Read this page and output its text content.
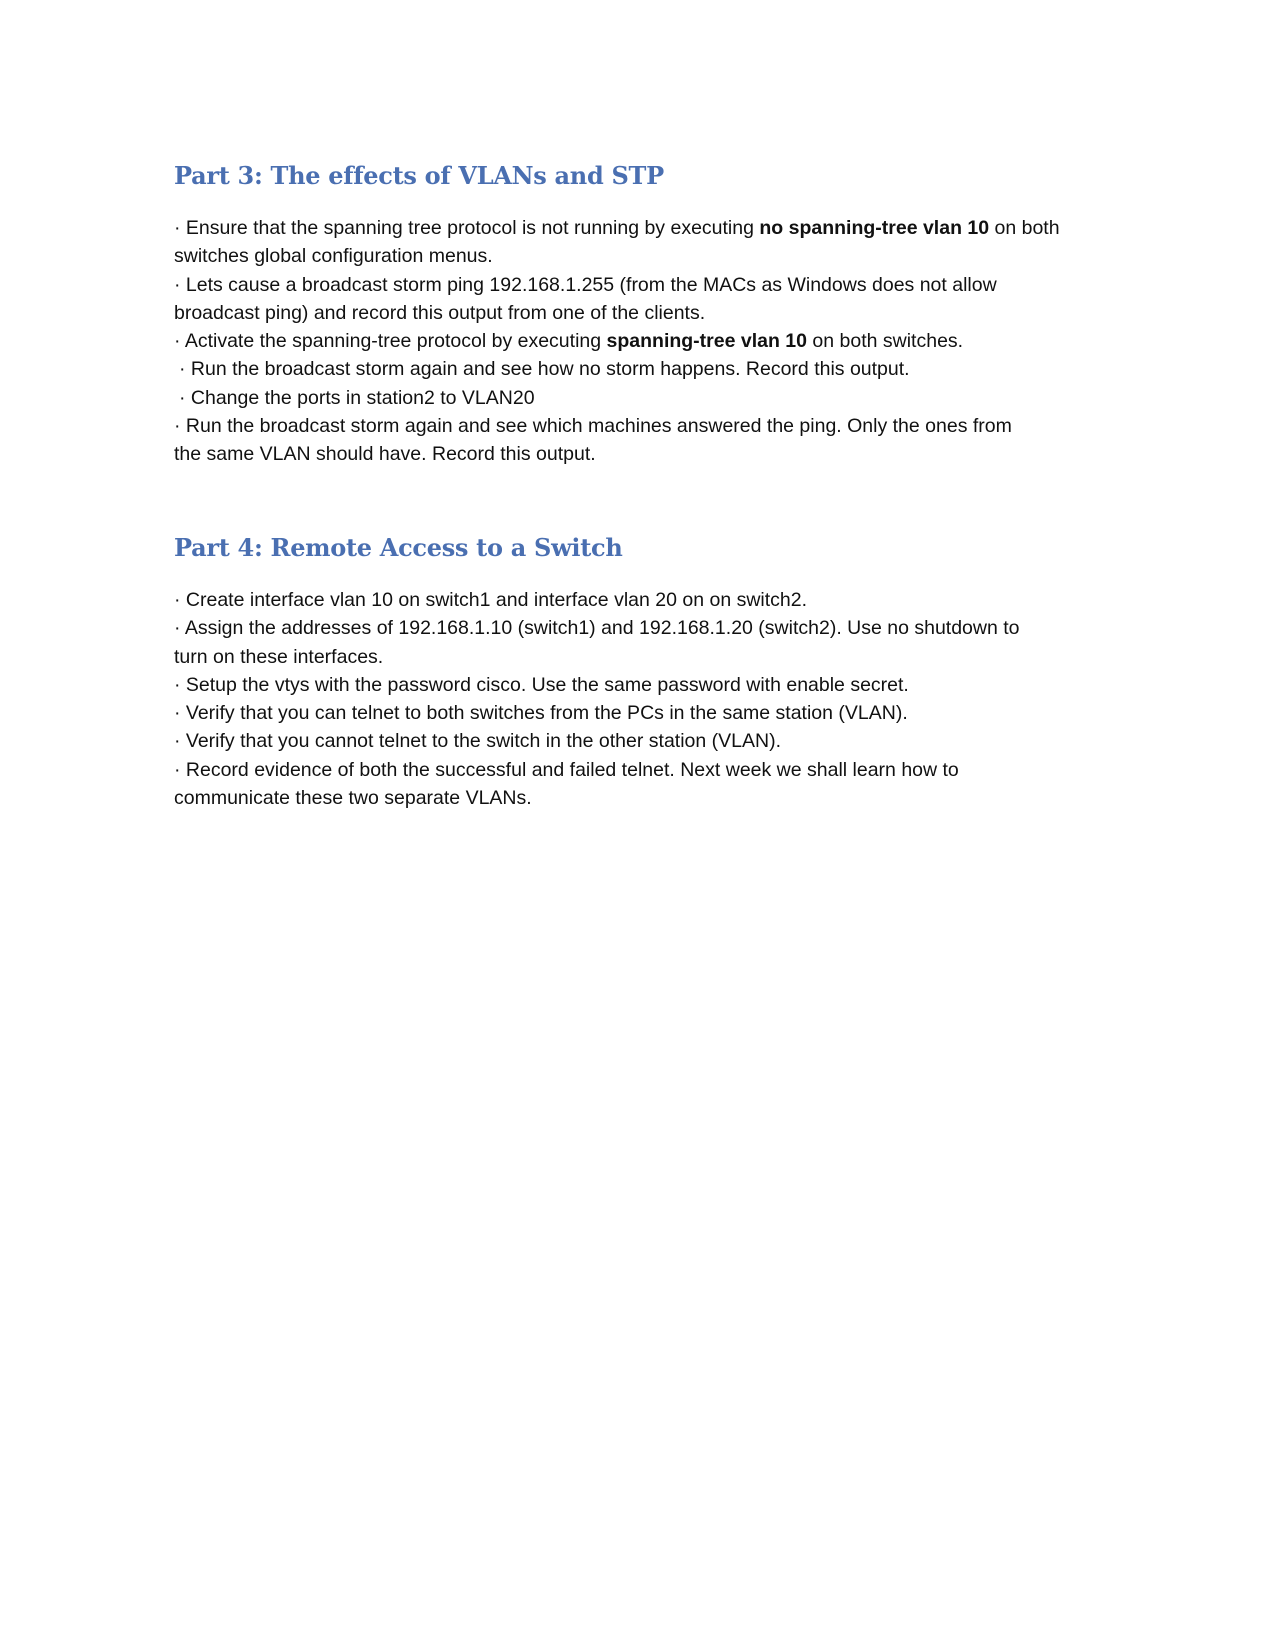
Part 3: The effects of VLANs and STP
· Ensure that the spanning tree protocol is not running by executing no spanning-tree vlan 10 on both
switches global configuration menus.
· Lets cause a broadcast storm ping 192.168.1.255 (from the MACs as Windows does not allow
broadcast ping) and record this output from one of the clients.
· Activate the spanning-tree protocol by executing spanning-tree vlan 10 on both switches.
· Run the broadcast storm again and see how no storm happens. Record this output.
· Change the ports in station2 to VLAN20
· Run the broadcast storm again and see which machines answered the ping. Only the ones from
the same VLAN should have. Record this output.
Part 4: Remote Access to a Switch
· Create interface vlan 10 on switch1 and interface vlan 20 on on switch2.
· Assign the addresses of 192.168.1.10 (switch1) and 192.168.1.20 (switch2). Use no shutdown to
turn on these interfaces.
· Setup the vtys with the password cisco. Use the same password with enable secret.
· Verify that you can telnet to both switches from the PCs in the same station (VLAN).
· Verify that you cannot telnet to the switch in the other station (VLAN).
· Record evidence of both the successful and failed telnet. Next week we shall learn how to
communicate these two separate VLANs.
